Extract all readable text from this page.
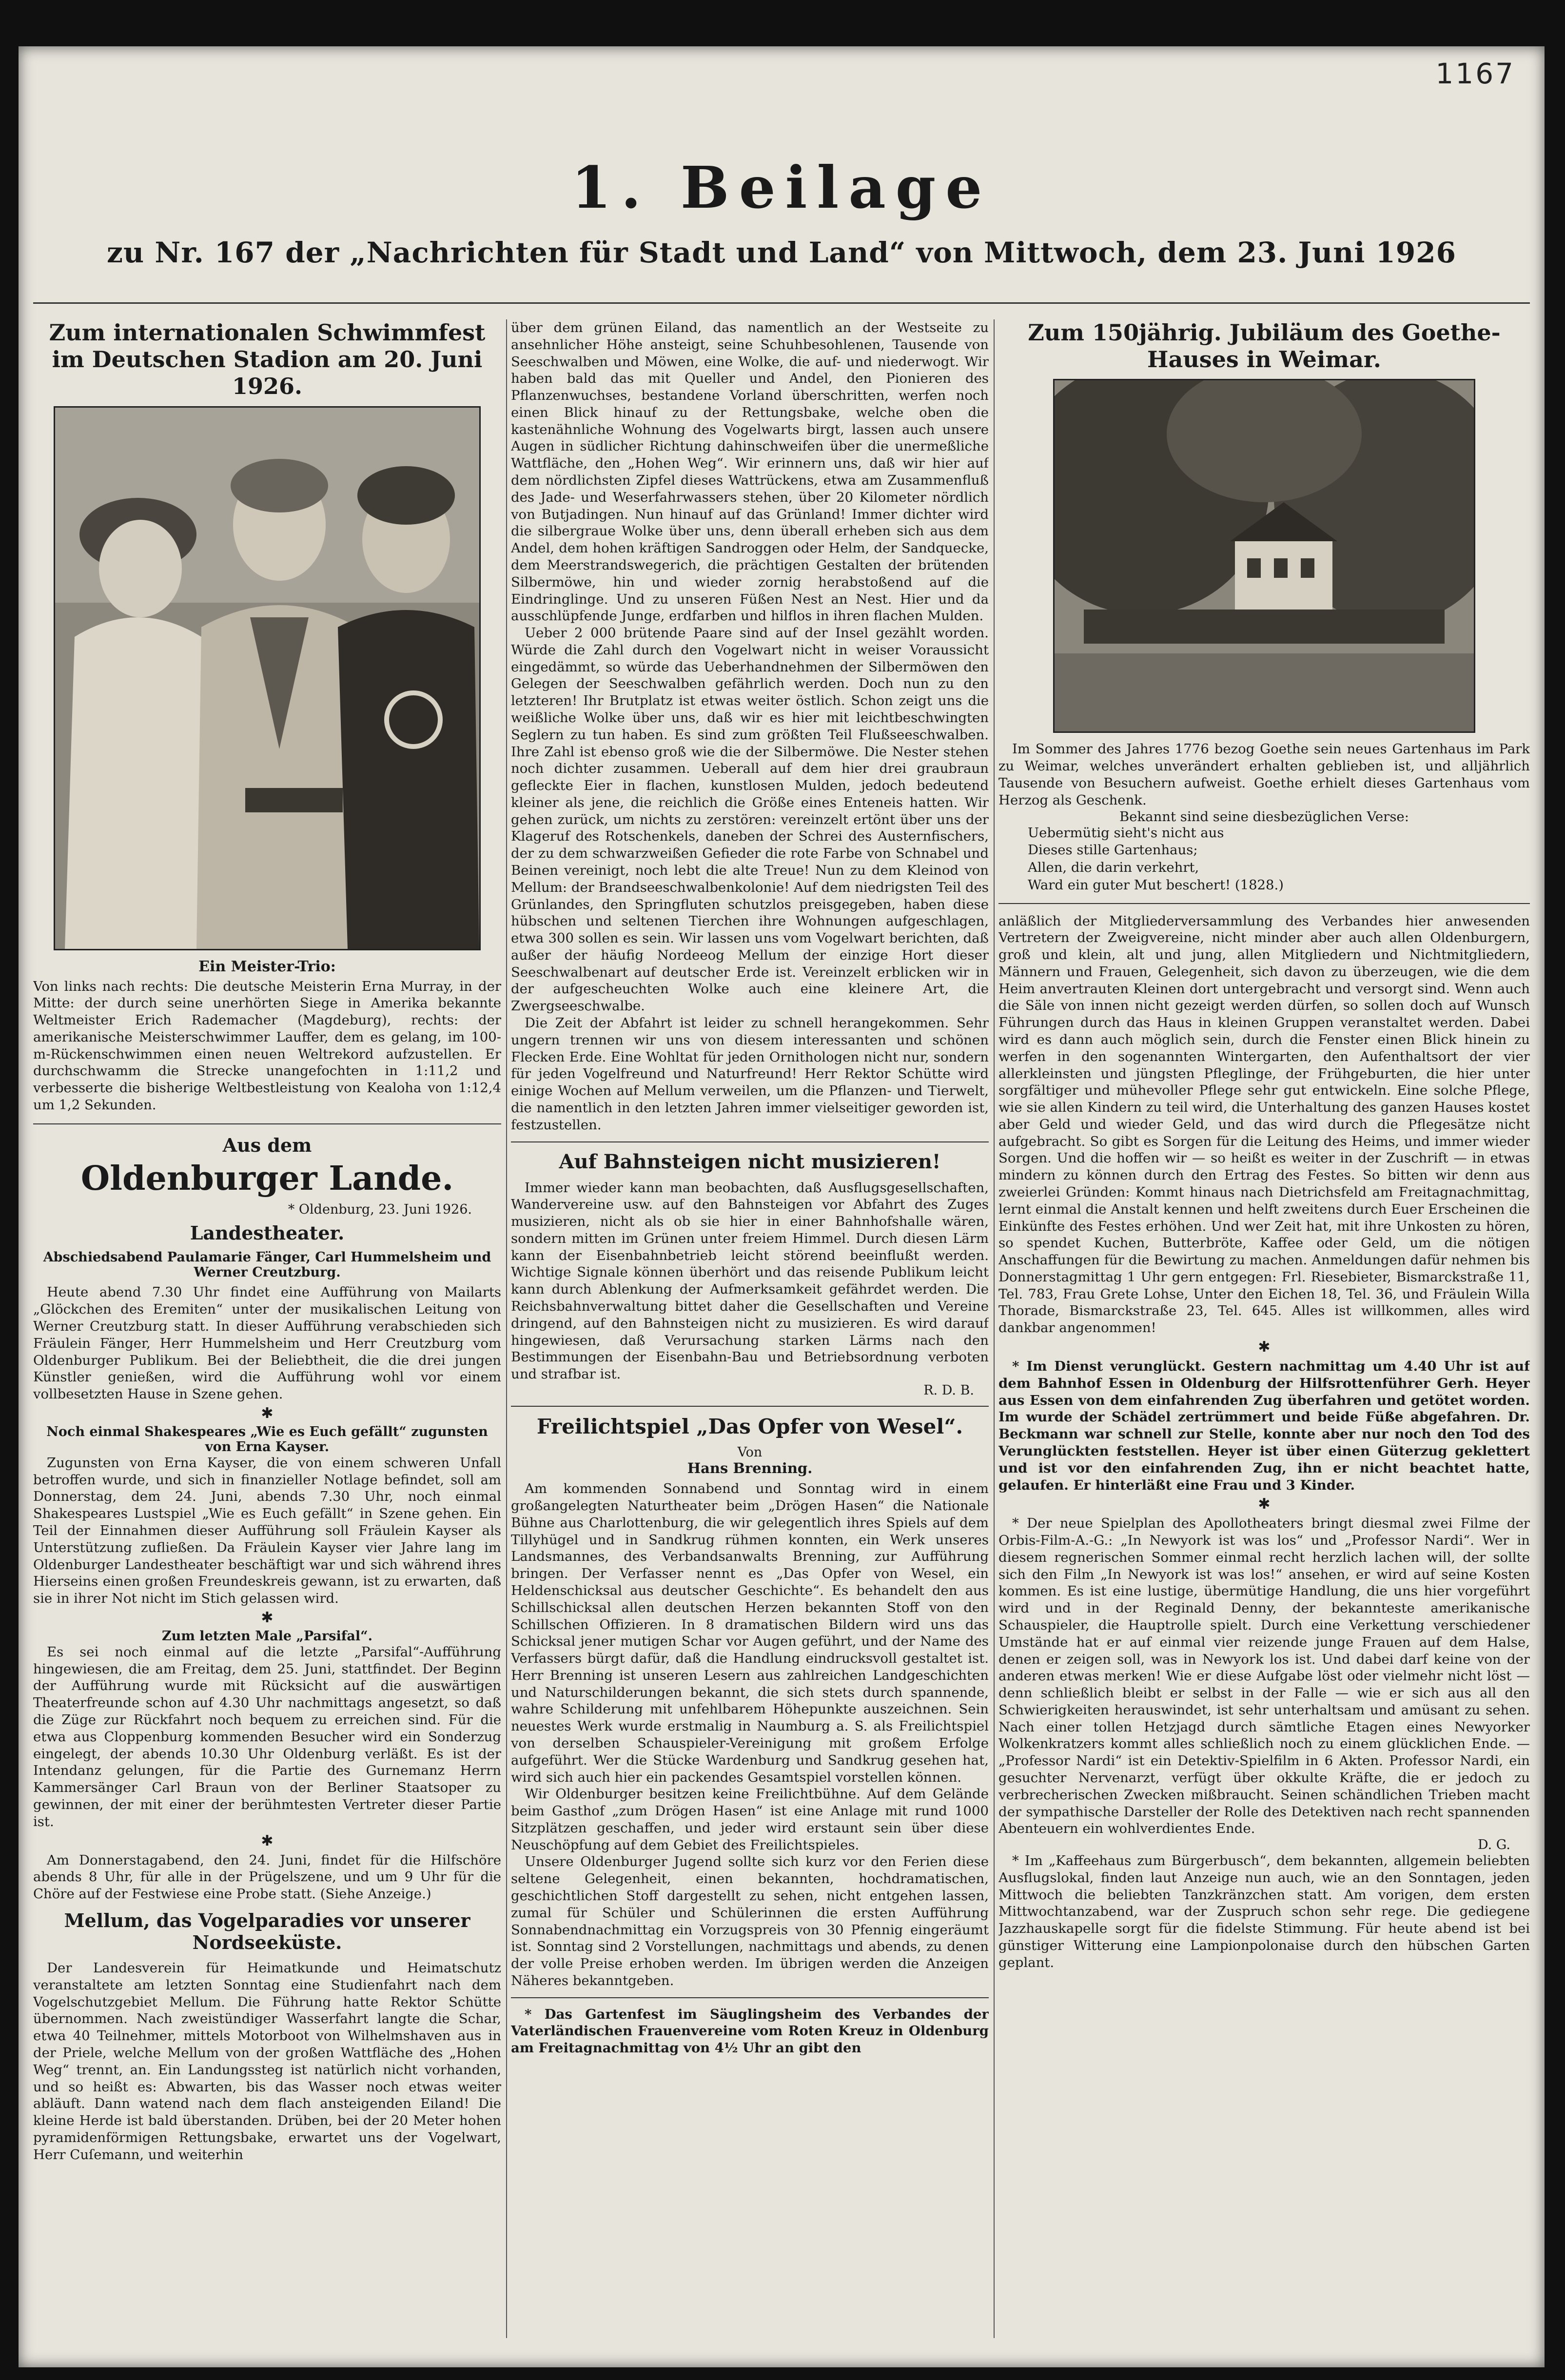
1167
1. Beilage
zu Nr. 167 der „Nachrichten für Stadt und Land“ von Mittwoch, dem 23. Juni 1926
Zum internationalen Schwimmfest im Deutschen Stadion am 20. Juni 1926.
Ein Meister-Trio:

Von links nach rechts: Die deutsche Meisterin Erna Murray, in der Mitte: der durch seine unerhörten Siege in Amerika bekannte Weltmeister Erich Rademacher (Magdeburg), rechts: der amerikanische Meisterschwimmer Lauffer, dem es gelang, im 100-m-Rückenschwimmen einen neuen Weltrekord aufzustellen. Er durchschwamm die Strecke unangefochten in 1:11,2 und verbesserte die bisherige Weltbestleistung von Kealoha von 1:12,4 um 1,2 Sekunden.

Aus dem
Oldenburger Lande.
* Oldenburg, 23. Juni 1926.
Landestheater.
Abschiedsabend Paulamarie Fänger, Carl Hummelsheim und Werner Creutzburg.

Heute abend 7.30 Uhr findet eine Aufführung von Mailarts „Glöckchen des Eremiten“ unter der musikalischen Leitung von Werner Creutzburg statt. In dieser Aufführung verabschieden sich Fräulein Fänger, Herr Hummelsheim und Herr Creutzburg vom Oldenburger Publikum. Bei der Beliebtheit, die die drei jungen Künstler genießen, wird die Aufführung wohl vor einem vollbesetzten Hause in Szene gehen.

✱
Noch einmal Shakespeares „Wie es Euch gefällt“ zugunsten von Erna Kayser.

Zugunsten von Erna Kayser, die von einem schweren Unfall betroffen wurde, und sich in finanzieller Notlage befindet, soll am Donnerstag, dem 24. Juni, abends 7.30 Uhr, noch einmal Shakespeares Lustspiel „Wie es Euch gefällt“ in Szene gehen. Ein Teil der Einnahmen dieser Aufführung soll Fräulein Kayser als Unterstützung zufließen. Da Fräulein Kayser vier Jahre lang im Oldenburger Landestheater beschäftigt war und sich während ihres Hierseins einen großen Freundeskreis gewann, ist zu erwarten, daß sie in ihrer Not nicht im Stich gelassen wird.

✱
Zum letzten Male „Parsifal“.

Es sei noch einmal auf die letzte „Parsifal“-Aufführung hingewiesen, die am Freitag, dem 25. Juni, stattfindet. Der Beginn der Aufführung wurde mit Rücksicht auf die auswärtigen Theaterfreunde schon auf 4.30 Uhr nachmittags angesetzt, so daß die Züge zur Rückfahrt noch bequem zu erreichen sind. Für die etwa aus Cloppenburg kommenden Besucher wird ein Sonderzug eingelegt, der abends 10.30 Uhr Oldenburg verläßt. Es ist der Intendanz gelungen, für die Partie des Gurnemanz Herrn Kammersänger Carl Braun von der Berliner Staatsoper zu gewinnen, der mit einer der berühmtesten Vertreter dieser Partie ist.

✱

Am Donnerstagabend, den 24. Juni, findet für die Hilfschöre abends 8 Uhr, für alle in der Prügelszene, und um 9 Uhr für die Chöre auf der Festwiese eine Probe statt. (Siehe Anzeige.)

Mellum, das Vogelparadies vor unserer Nordseeküste.

Der Landesverein für Heimatkunde und Heimatschutz veranstaltete am letzten Sonntag eine Studienfahrt nach dem Vogelschutzgebiet Mellum. Die Führung hatte Rektor Schütte übernommen. Nach zweistündiger Wasserfahrt langte die Schar, etwa 40 Teilnehmer, mittels Motorboot von Wilhelmshaven aus in der Priele, welche Mellum von der großen Wattfläche des „Hohen Weg“ trennt, an. Ein Landungssteg ist natürlich nicht vorhanden, und so heißt es: Abwarten, bis das Wasser noch etwas weiter abläuft. Dann watend nach dem flach ansteigenden Eiland! Die kleine Herde ist bald überstanden. Drüben, bei der 20 Meter hohen pyramidenförmigen Rettungsbake, erwartet uns der Vogelwart, Herr Cuſemann, und weiterhin

über dem grünen Eiland, das namentlich an der Westseite zu ansehnlicher Höhe ansteigt, seine Schuhbesohlenen, Tausende von Seeschwalben und Möwen, eine Wolke, die auf- und niederwogt. Wir haben bald das mit Queller und Andel, den Pionieren des Pflanzenwuchses, bestandene Vorland überschritten, werfen noch einen Blick hinauf zu der Rettungsbake, welche oben die kastenähnliche Wohnung des Vogelwarts birgt, lassen auch unsere Augen in südlicher Richtung dahinschweifen über die unermeßliche Wattfläche, den „Hohen Weg“. Wir erinnern uns, daß wir hier auf dem nördlichsten Zipfel dieses Wattrückens, etwa am Zusammenfluß des Jade- und Weserfahrwassers stehen, über 20 Kilometer nördlich von Butjadingen. Nun hinauf auf das Grünland! Immer dichter wird die silbergraue Wolke über uns, denn überall erheben sich aus dem Andel, dem hohen kräftigen Sandroggen oder Helm, der Sandquecke, dem Meerstrandswegerich, die prächtigen Gestalten der brütenden Silbermöwe, hin und wieder zornig herabstoßend auf die Eindringlinge. Und zu unseren Füßen Nest an Nest. Hier und da ausschlüpfende Junge, erdfarben und hilflos in ihren flachen Mulden.

Ueber 2 000 brütende Paare sind auf der Insel gezählt worden. Würde die Zahl durch den Vogelwart nicht in weiser Voraussicht eingedämmt, so würde das Ueberhandnehmen der Silbermöwen den Gelegen der Seeschwalben gefährlich werden. Doch nun zu den letzteren! Ihr Brutplatz ist etwas weiter östlich. Schon zeigt uns die weißliche Wolke über uns, daß wir es hier mit leichtbeschwingten Seglern zu tun haben. Es sind zum größten Teil Flußseeschwalben. Ihre Zahl ist ebenso groß wie die der Silbermöwe. Die Nester stehen noch dichter zusammen. Ueberall auf dem hier drei graubraun gefleckte Eier in flachen, kunstlosen Mulden, jedoch bedeutend kleiner als jene, die reichlich die Größe eines Enteneis hatten. Wir gehen zurück, um nichts zu zerstören: vereinzelt ertönt über uns der Klageruf des Rotschenkels, daneben der Schrei des Austernfischers, der zu dem schwarzweißen Gefieder die rote Farbe von Schnabel und Beinen vereinigt, noch lebt die alte Treue! Nun zu dem Kleinod von Mellum: der Brandseeschwalbenkolonie! Auf dem niedrigsten Teil des Grünlandes, den Springfluten schutzlos preisgegeben, haben diese hübschen und seltenen Tierchen ihre Wohnungen aufgeschlagen, etwa 300 sollen es sein. Wir lassen uns vom Vogelwart berichten, daß außer der häufig Nordeeog Mellum der einzige Hort dieser Seeschwalbenart auf deutscher Erde ist. Vereinzelt erblicken wir in der aufgescheuchten Wolke auch eine kleinere Art, die Zwergseeschwalbe.

Die Zeit der Abfahrt ist leider zu schnell herangekommen. Sehr ungern trennen wir uns von diesem interessanten und schönen Flecken Erde. Eine Wohltat für jeden Ornithologen nicht nur, sondern für jeden Vogelfreund und Naturfreund! Herr Rektor Schütte wird einige Wochen auf Mellum verweilen, um die Pflanzen- und Tierwelt, die namentlich in den letzten Jahren immer vielseitiger geworden ist, festzustellen.

Auf Bahnsteigen nicht musizieren!

Immer wieder kann man beobachten, daß Ausflugsgesellschaften, Wandervereine usw. auf den Bahnsteigen vor Abfahrt des Zuges musizieren, nicht als ob sie hier in einer Bahnhofshalle wären, sondern mitten im Grünen unter freiem Himmel. Durch diesen Lärm kann der Eisenbahnbetrieb leicht störend beeinflußt werden. Wichtige Signale können überhört und das reisende Publikum leicht kann durch Ablenkung der Aufmerksamkeit gefährdet werden. Die Reichsbahnverwaltung bittet daher die Gesellschaften und Vereine dringend, auf den Bahnsteigen nicht zu musizieren. Es wird darauf hingewiesen, daß Verursachung starken Lärms nach den Bestimmungen der Eisenbahn-Bau und Betriebsordnung verboten und strafbar ist.

R. D. B.
Freilichtspiel „Das Opfer von Wesel“.
Von
Hans Brenning.

Am kommenden Sonnabend und Sonntag wird in einem großangelegten Naturtheater beim „Drögen Hasen“ die Nationale Bühne aus Charlottenburg, die wir gelegentlich ihres Spiels auf dem Tillyhügel und in Sandkrug rühmen konnten, ein Werk unseres Landsmannes, des Verbandsanwalts Brenning, zur Aufführung bringen. Der Verfasser nennt es „Das Opfer von Wesel, ein Heldenschicksal aus deutscher Geschichte“. Es behandelt den aus Schillschicksal allen deutschen Herzen bekannten Stoff von den Schillschen Offizieren. In 8 dramatischen Bildern wird uns das Schicksal jener mutigen Schar vor Augen geführt, und der Name des Verfassers bürgt dafür, daß die Handlung eindrucksvoll gestaltet ist. Herr Brenning ist unseren Lesern aus zahlreichen Landgeschichten und Naturschilderungen bekannt, die sich stets durch spannende, wahre Schilderung mit unfehlbarem Höhepunkte auszeichnen. Sein neuestes Werk wurde erstmalig in Naumburg a. S. als Freilichtspiel von derselben Schauspieler-Vereinigung mit großem Erfolge aufgeführt. Wer die Stücke Wardenburg und Sandkrug gesehen hat, wird sich auch hier ein packendes Gesamtspiel vorstellen können.

Wir Oldenburger besitzen keine Freilichtbühne. Auf dem Gelände beim Gasthof „zum Drögen Hasen“ ist eine Anlage mit rund 1000 Sitzplätzen geschaffen, und jeder wird erstaunt sein über diese Neuschöpfung auf dem Gebiet des Freilichtspieles.

Unsere Oldenburger Jugend sollte sich kurz vor den Ferien diese seltene Gelegenheit, einen bekannten, hochdramatischen, geschichtlichen Stoff dargestellt zu sehen, nicht entgehen lassen, zumal für Schüler und Schülerinnen die ersten Aufführung Sonnabendnachmittag ein Vorzugspreis von 30 Pfennig eingeräumt ist. Sonntag sind 2 Vorstellungen, nachmittags und abends, zu denen der volle Preise erhoben werden. Im übrigen werden die Anzeigen Näheres bekanntgeben.

* Das Gartenfest im Säuglingsheim des Verbandes der Vaterländischen Frauenvereine vom Roten Kreuz in Oldenburg am Freitagnachmittag von 4½ Uhr an gibt den

Zum 150jährig. Jubiläum des Goethe-Hauses in Weimar.

Im Sommer des Jahres 1776 bezog Goethe sein neues Gartenhaus im Park zu Weimar, welches unverändert erhalten geblieben ist, und alljährlich Tausende von Besuchern aufweist. Goethe erhielt dieses Gartenhaus vom Herzog als Geschenk.

Bekannt sind seine diesbezüglichen Verse:
Uebermütig sieht's nicht aus
Dieses stille Gartenhaus;
Allen, die darin verkehrt,
Ward ein guter Mut beschert! (1828.)

anläßlich der Mitgliederversammlung des Verbandes hier anwesenden Vertretern der Zweigvereine, nicht minder aber auch allen Oldenburgern, groß und klein, alt und jung, allen Mitgliedern und Nichtmitgliedern, Männern und Frauen, Gelegenheit, sich davon zu überzeugen, wie die dem Heim anvertrauten Kleinen dort untergebracht und versorgt sind. Wenn auch die Säle von innen nicht gezeigt werden dürfen, so sollen doch auf Wunsch Führungen durch das Haus in kleinen Gruppen veranstaltet werden. Dabei wird es dann auch möglich sein, durch die Fenster einen Blick hinein zu werfen in den sogenannten Wintergarten, den Aufenthaltsort der vier allerkleinsten und jüngsten Pfleglinge, der Frühgeburten, die hier unter sorgfältiger und mühevoller Pflege sehr gut entwickeln. Eine solche Pflege, wie sie allen Kindern zu teil wird, die Unterhaltung des ganzen Hauses kostet aber Geld und wieder Geld, und das wird durch die Pflegesätze nicht aufgebracht. So gibt es Sorgen für die Leitung des Heims, und immer wieder Sorgen. Und die hoffen wir — so heißt es weiter in der Zuschrift — in etwas mindern zu können durch den Ertrag des Festes. So bitten wir denn aus zweierlei Gründen: Kommt hinaus nach Dietrichsfeld am Freitagnachmittag, lernt einmal die Anstalt kennen und helft zweitens durch Euer Erscheinen die Einkünfte des Festes erhöhen. Und wer Zeit hat, mit ihre Unkosten zu hören, so spendet Kuchen, Butterbröte, Kaffee oder Geld, um die nötigen Anschaffungen für die Bewirtung zu machen. Anmeldungen dafür nehmen bis Donnerstagmittag 1 Uhr gern entgegen: Frl. Riesebieter, Bismarckstraße 11, Tel. 783, Frau Grete Lohse, Unter den Eichen 18, Tel. 36, und Fräulein Willa Thorade, Bismarckstraße 23, Tel. 645. Alles ist willkommen, alles wird dankbar angenommen!

✱

* Im Dienst verunglückt. Gestern nachmittag um 4.40 Uhr ist auf dem Bahnhof Essen in Oldenburg der Hilfsrottenführer Gerh. Heyer aus Essen von dem einfahrenden Zug überfahren und getötet worden. Im wurde der Schädel zertrümmert und beide Füße abgefahren. Dr. Beckmann war schnell zur Stelle, konnte aber nur noch den Tod des Verunglückten feststellen. Heyer ist über einen Güterzug geklettert und ist vor den einfahrenden Zug, ihn er nicht beachtet hatte, gelaufen. Er hinterläßt eine Frau und 3 Kinder.

✱

* Der neue Spielplan des Apollotheaters bringt diesmal zwei Filme der Orbis-Film-A.-G.: „In Newyork ist was los“ und „Professor Nardi“. Wer in diesem regnerischen Sommer einmal recht herzlich lachen will, der sollte sich den Film „In Newyork ist was los!“ ansehen, er wird auf seine Kosten kommen. Es ist eine lustige, übermütige Handlung, die uns hier vorgeführt wird und in der Reginald Denny, der bekannteste amerikanische Schauspieler, die Hauptrolle spielt. Durch eine Verkettung verschiedener Umstände hat er auf einmal vier reizende junge Frauen auf dem Halse, denen er zeigen soll, was in Newyork los ist. Und dabei darf keine von der anderen etwas merken! Wie er diese Aufgabe löst oder vielmehr nicht löst — denn schließlich bleibt er selbst in der Falle — wie er sich aus all den Schwierigkeiten herauswindet, ist sehr unterhaltsam und amüsant zu sehen. Nach einer tollen Hetzjagd durch sämtliche Etagen eines Newyorker Wolkenkratzers kommt alles schließlich noch zu einem glücklichen Ende. — „Professor Nardi“ ist ein Detektiv-Spielfilm in 6 Akten. Professor Nardi, ein gesuchter Nervenarzt, verfügt über okkulte Kräfte, die er jedoch zu verbrecherischen Zwecken mißbraucht. Seinen schändlichen Trieben macht der sympathische Darsteller der Rolle des Detektiven nach recht spannenden Abenteuern ein wohlverdientes Ende.

D. G.

* Im „Kaffeehaus zum Bürgerbusch“, dem bekannten, allgemein beliebten Ausflugslokal, finden laut Anzeige nun auch, wie an den Sonntagen, jeden Mittwoch die beliebten Tanzkränzchen statt. Am vorigen, dem ersten Mittwochtanzabend, war der Zuspruch schon sehr rege. Die gediegene Jazzhauskapelle sorgt für die fidelste Stimmung. Für heute abend ist bei günstiger Witterung eine Lampionpolonaise durch den hübschen Garten geplant.
